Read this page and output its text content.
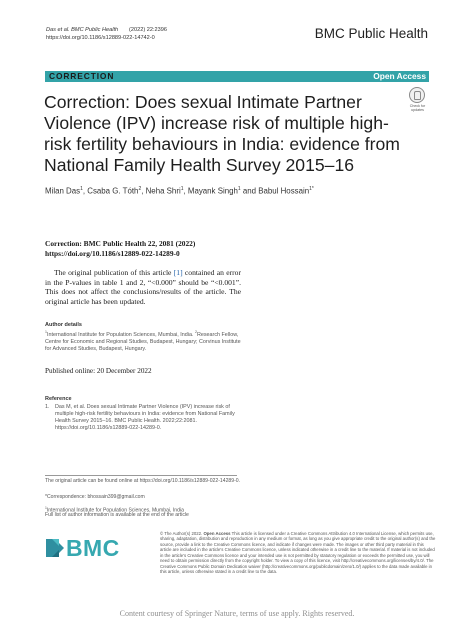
Das et al. BMC Public Health       (2022) 22:2396
https://doi.org/10.1186/s12889-022-14742-0	BMC Public Health
CORRECTION	Open Access
Correction: Does sexual Intimate Partner Violence (IPV) increase risk of multiple high-risk fertility behaviours in India: evidence from National Family Health Survey 2015–16
Check for updates
Milan Das$^1$, Csaba G. Tóth$^2$, Neha Shri$^1$, Mayank Singh$^1$ and Babul Hossain$^{1*}$
Correction: BMC Public Health 22, 2081 (2022)
https://doi.org/10.1186/s12889-022-14289-0
The original publication of this article [1] contained an error in the P-values in table 1 and 2, “<0.000” should be “<0.001”. This does not affect the conclusions/results of the article. The original article has been updated.
Author details
$^1$International Institute for Population Sciences, Mumbai, India. $^2$Research Fellow, Centre for Economic and Regional Studies, Budapest, Hungary; Corvinus Institute for Advanced Studies, Budapest, Hungary.
Published online: 20 December 2022
Reference
1. Das M, et al. Does sexual Intimate Partner Violence (IPV) increase risk of multiple high-risk fertility behaviours in India: evidence from National Family Health Survey 2015–16. BMC Public Health. 2022;22:2081. https://doi.org/10.1186/s12889-022-14289-0.
The original article can be found online at https://doi.org/10.1186/s12889-022-14289-0.
*Correspondence: bhossain399@gmail.com
$^1$International Institute for Population Sciences, Mumbai, India
Full list of author information is available at the end of the article
BMC
© The Author(s) 2022. Open Access This article is licensed under a Creative Commons Attribution 4.0 International License, which permits use, sharing, adaptation, distribution and reproduction in any medium or format, as long as you give appropriate credit to the original author(s) and the source, provide a link to the Creative Commons licence, and indicate if changes were made. The images or other third party material in this article are included in the article's Creative Commons licence, unless indicated otherwise in a credit line to the material. If material is not included in the article's Creative Commons licence and your intended use is not permitted by statutory regulation or exceeds the permitted use, you will need to obtain permission directly from the copyright holder. To view a copy of this licence, visit http://creativecommons.org/licenses/by/4.0/. The Creative Commons Public Domain Dedication waiver (http://creativecommons.org/publicdomain/zero/1.0/) applies to the data made available in this article, unless otherwise stated in a credit line to the data.
Content courtesy of Springer Nature, terms of use apply. Rights reserved.
